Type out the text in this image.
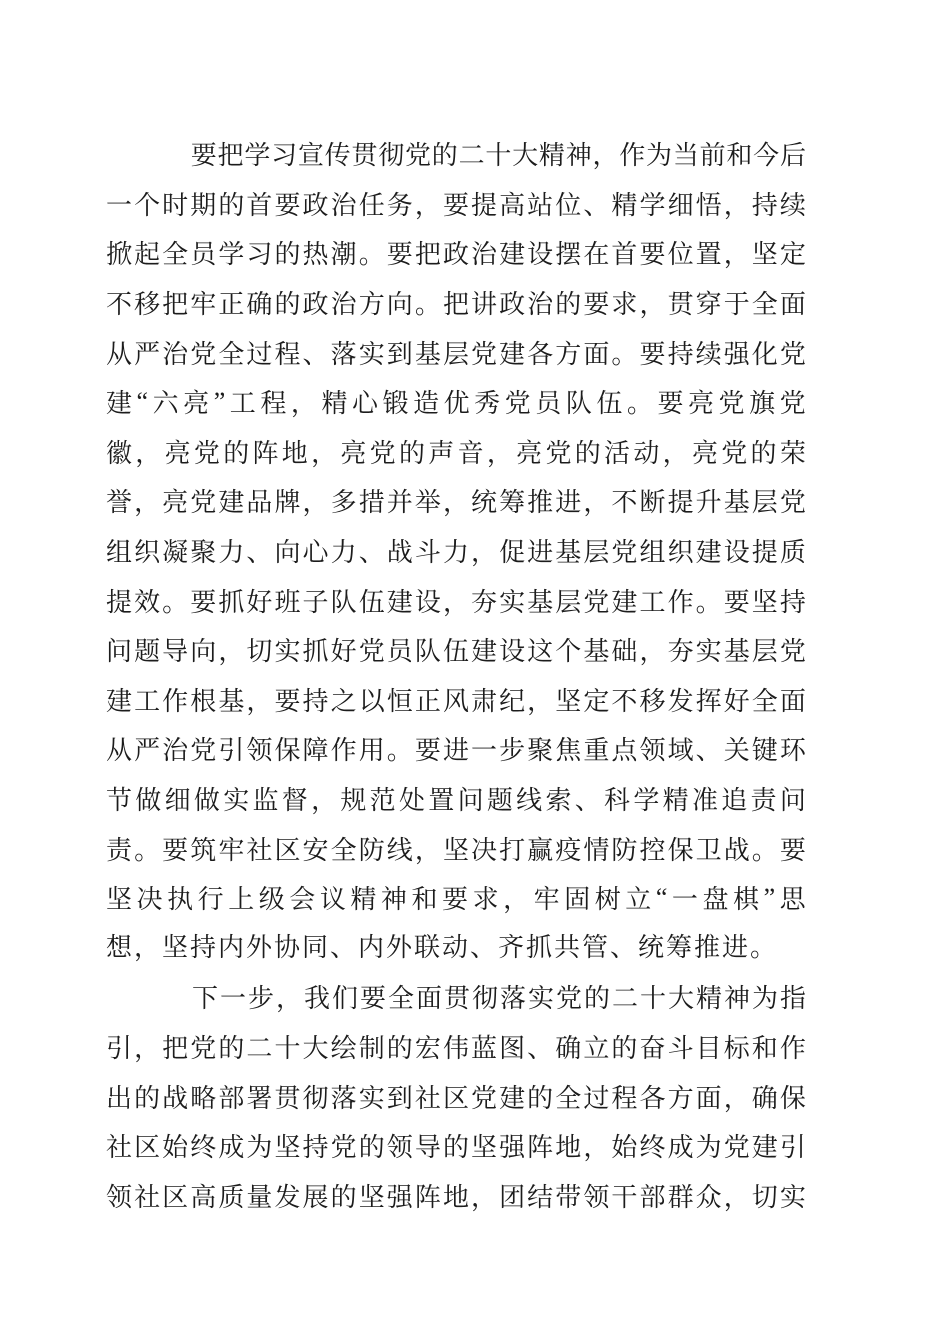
要 把 学 习 宣 传 贯 彻 党 的 二 十 大 精 神 ， 作 为 当 前 和 今 后
一 个 时 期 的 首 要 政 治 任 务 ， 要 提 高 站 位 、 精 学 细 悟 ， 持 续
掀 起 全 员 学 习 的 热 潮 。 要 把 政 治 建 设 摆 在 首 要 位 置 ， 坚 定
不 移 把 牢 正 确 的 政 治 方 向 。 把 讲 政 治 的 要 求 ， 贯 穿 于 全 面
从 严 治 党 全 过 程 、 落 实 到 基 层 党 建 各 方 面 。 要 持 续 强 化 党
建 “ 六 亮 ” 工 程 ， 精 心 锻 造 优 秀 党 员 队 伍 。 要 亮 党 旗 党
徽 ， 亮 党 的 阵 地 ， 亮 党 的 声 音 ， 亮 党 的 活 动 ， 亮 党 的 荣
誉 ， 亮 党 建 品 牌 ， 多 措 并 举 ， 统 筹 推 进 ， 不 断 提 升 基 层 党
组 织 凝 聚 力 、 向 心 力 、 战 斗 力 ， 促 进 基 层 党 组 织 建 设 提 质
提 效 。 要 抓 好 班 子 队 伍 建 设 ， 夯 实 基 层 党 建 工 作 。 要 坚 持
问 题 导 向 ， 切 实 抓 好 党 员 队 伍 建 设 这 个 基 础 ， 夯 实 基 层 党
建 工 作 根 基 ， 要 持 之 以 恒 正 风 肃 纪 ， 坚 定 不 移 发 挥 好 全 面
从 严 治 党 引 领 保 障 作 用 。 要 进 一 步 聚 焦 重 点 领 域 、 关 键 环
节 做 细 做 实 监 督 ， 规 范 处 置 问 题 线 索 、 科 学 精 准 追 责 问
责 。 要 筑 牢 社 区 安 全 防 线 ， 坚 决 打 赢 疫 情 防 控 保 卫 战 。 要
坚 决 执 行 上 级 会 议 精 神 和 要 求 ， 牢 固 树 立 “ 一 盘 棋 ” 思
想，坚持内外协同、内外联动、齐抓共管、统筹推进。
下 一 步 ， 我 们 要 全 面 贯 彻 落 实 党 的 二 十 大 精 神 为 指
引 ， 把 党 的 二 十 大 绘 制 的 宏 伟 蓝 图 、 确 立 的 奋 斗 目 标 和 作
出 的 战 略 部 署 贯 彻 落 实 到 社 区 党 建 的 全 过 程 各 方 面 ， 确 保
社 区 始 终 成 为 坚 持 党 的 领 导 的 坚 强 阵 地 ， 始 终 成 为 党 建 引
领 社 区 高 质 量 发 展 的 坚 强 阵 地 ， 团 结 带 领 干 部 群 众 ， 切 实
